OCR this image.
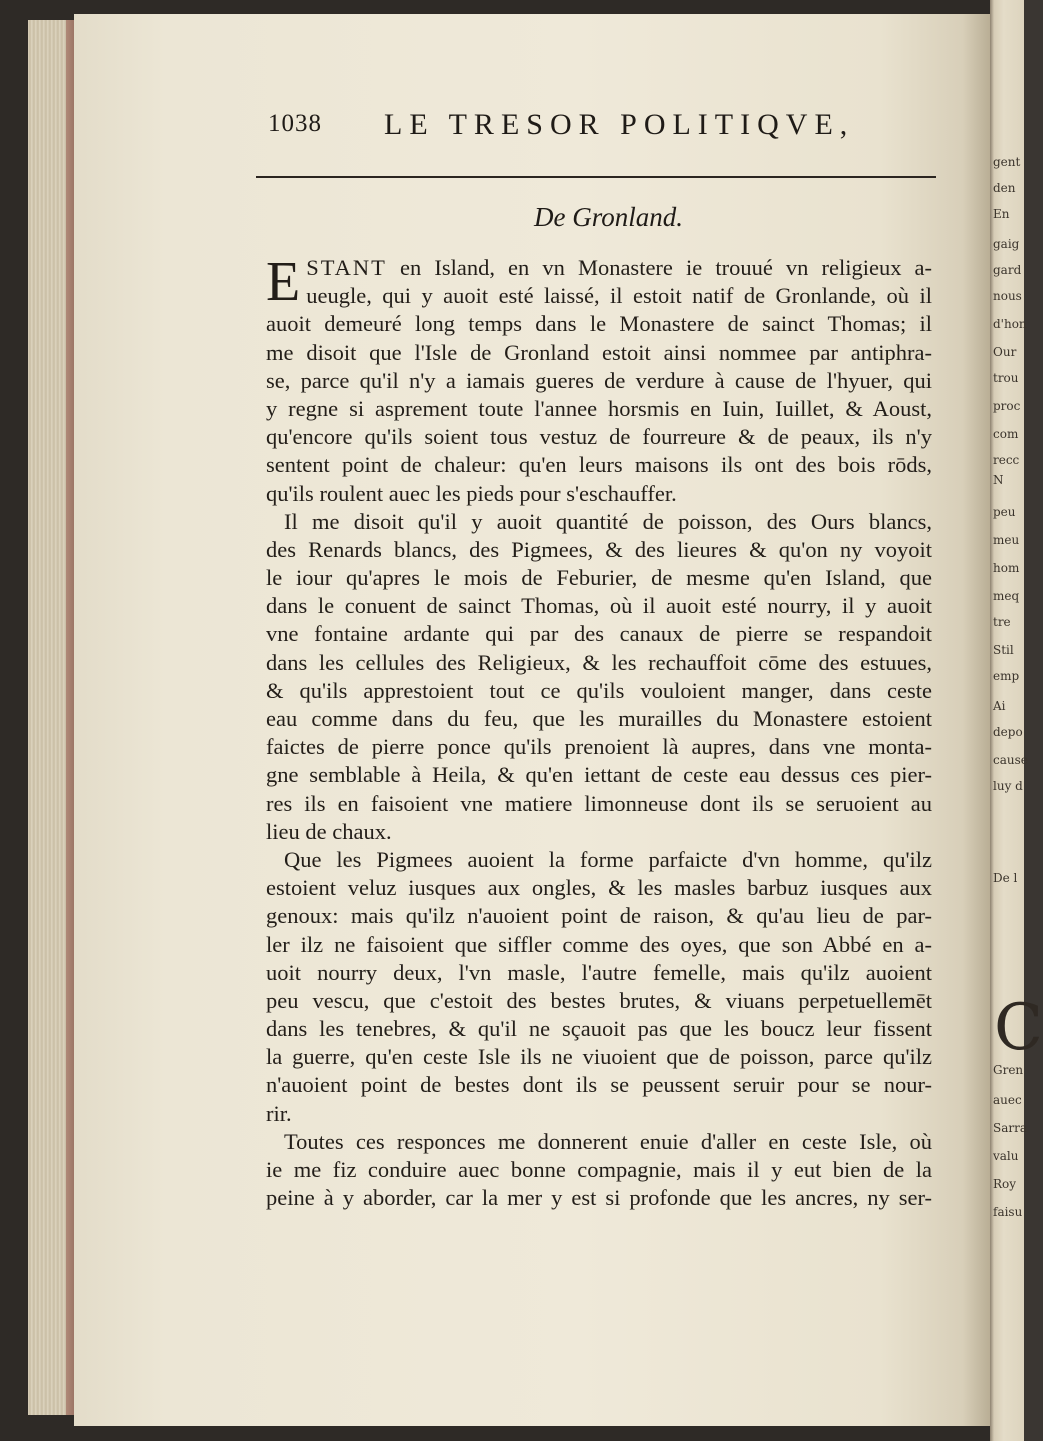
1038 LE TRESOR POLITIQVE,
De Gronland.
E STANT en Island, en vn Monastere ie trouué vn religieux a-
ueugle, qui y auoit esté laissé, il estoit natif de Gronlande, où il
auoit demeuré long temps dans le Monastere de sainct Thomas; il
me disoit que l'Isle de Gronland estoit ainsi nommee par antiphra-
se, parce qu'il n'y a iamais gueres de verdure à cause de l'hyuer, qui
y regne si asprement toute l'annee horsmis en Iuin, Iuillet, & Aoust,
qu'encore qu'ils soient tous vestuz de fourreure & de peaux, ils n'y
sentent point de chaleur: qu'en leurs maisons ils ont des bois rōds,
qu'ils roulent auec les pieds pour s'eschauffer.
Il me disoit qu'il y auoit quantité de poisson, des Ours blancs,
des Renards blancs, des Pigmees, & des lieures & qu'on ny voyoit
le iour qu'apres le mois de Feburier, de mesme qu'en Island, que
dans le conuent de sainct Thomas, où il auoit esté nourry, il y auoit
vne fontaine ardante qui par des canaux de pierre se respandoit
dans les cellules des Religieux, & les rechauffoit cōme des estuues,
& qu'ils apprestoient tout ce qu'ils vouloient manger, dans ceste
eau comme dans du feu, que les murailles du Monastere estoient
faictes de pierre ponce qu'ils prenoient là aupres, dans vne monta-
gne semblable à Heila, & qu'en iettant de ceste eau dessus ces pier-
res ils en faisoient vne matiere limonneuse dont ils se seruoient au
lieu de chaux.
Que les Pigmees auoient la forme parfaicte d'vn homme, qu'ilz
estoient veluz iusques aux ongles, & les masles barbuz iusques aux
genoux: mais qu'ilz n'auoient point de raison, & qu'au lieu de par-
ler ilz ne faisoient que siffler comme des oyes, que son Abbé en a-
uoit nourry deux, l'vn masle, l'autre femelle, mais qu'ilz auoient
peu vescu, que c'estoit des bestes brutes, & viuans perpetuellemēt
dans les tenebres, & qu'il ne sçauoit pas que les boucz leur fissent
la guerre, qu'en ceste Isle ils ne viuoient que de poisson, parce qu'ilz
n'auoient point de bestes dont ils se peussent seruir pour se nour-
rir.
Toutes ces responces me donnerent enuie d'aller en ceste Isle, où
ie me fiz conduire auec bonne compagnie, mais il y eut bien de la
peine à y aborder, car la mer y est si profonde que les ancres, ny ser-
gent
den
En
gaig
gard
nous
d'hon
Our
trou
proc
com
recc
N
peu
meu
hom
meq
tre
Stil
emp
Ai
depo
cause
luy d
De l
C
Gren
auec
Sarra
valu
Roy
faisu
